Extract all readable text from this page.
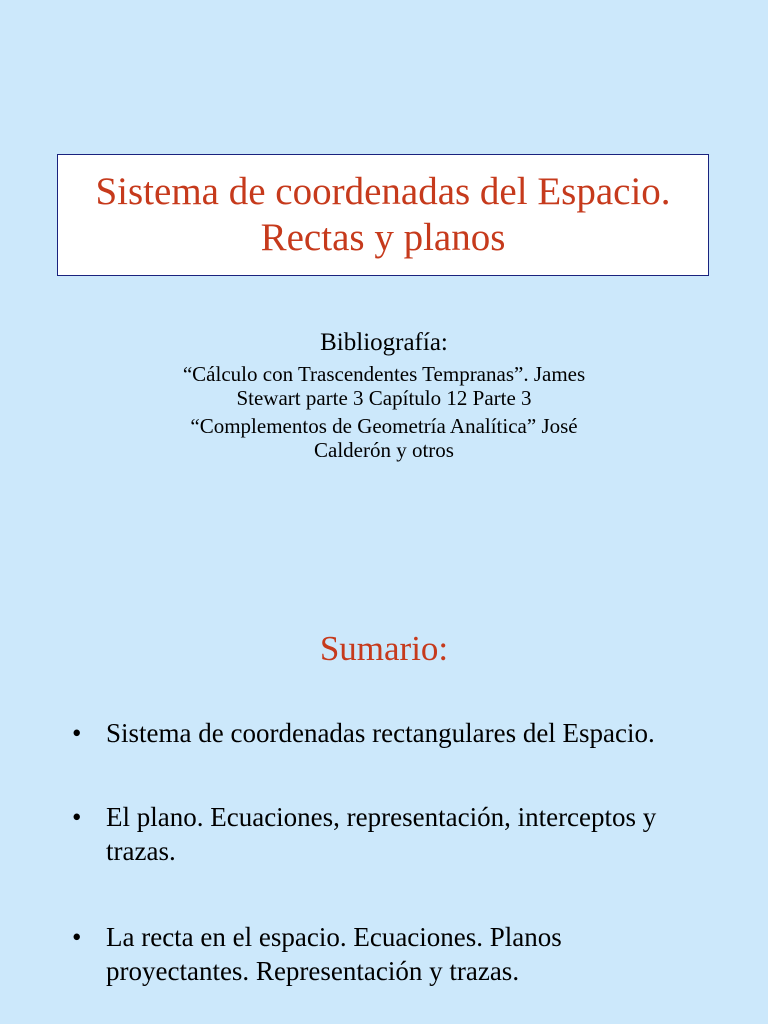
Sistema de coordenadas del Espacio.
Rectas y planos
Bibliografía:
“Cálculo con Trascendentes Tempranas”. James
Stewart parte 3 Capítulo 12 Parte 3
“Complementos de Geometría Analítica” José
Calderón y otros
Sumario:
• Sistema de coordenadas rectangulares del Espacio.
• El plano. Ecuaciones, representación, interceptos y
trazas.
• La recta en el espacio. Ecuaciones. Planos
proyectantes. Representación y trazas.
